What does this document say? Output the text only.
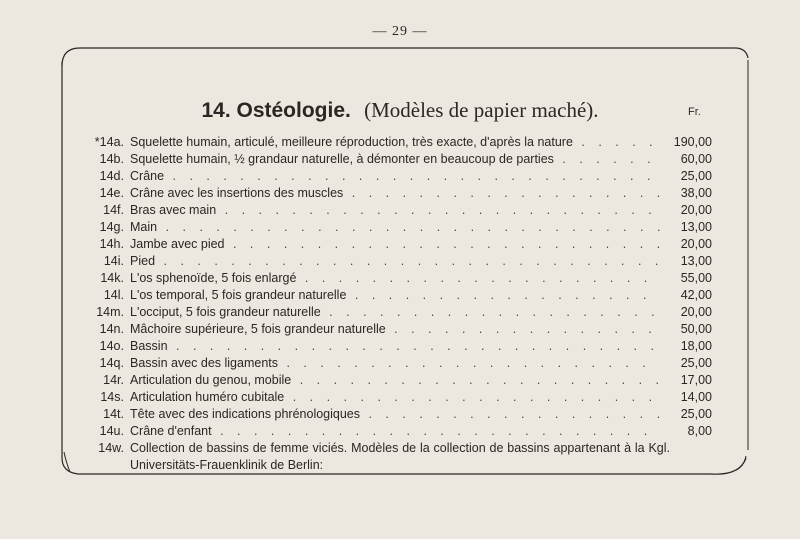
— 29 —
14. Ostéologie. (Modèles de papier maché).	Fr.
*14a. Squelette humain, articulé, meilleure réproduction, très exacte, d'après la nature . . .	190,00
14b. Squelette humain, ½ grandaur naturelle, à démonter en beaucoup de parties . . .	60,00
14d. Crâne . . .	25,00
14e. Crâne avec les insertions des muscles . . .	38,00
14f. Bras avec main . . .	20,00
14g. Main . . .	13,00
14h. Jambe avec pied . . .	20,00
14i. Pied . . .	13,00
14k. L'os sphenoïde, 5 fois enlargé . . .	55,00
14l. L'os temporal, 5 fois grandeur naturelle . . .	42,00
14m. L'occiput, 5 fois grandeur naturelle . . .	20,00
14n. Mâchoire supérieure, 5 fois grandeur naturelle . . .	50,00
14o. Bassin . . .	18,00
14q. Bassin avec des ligaments . . .	25,00
14r. Articulation du genou, mobile . . .	17,00
14s. Articulation huméro cubitale . . .	14,00
14t. Tête avec des indications phrénologiques . . .	25,00
14u. Crâne d'enfant . . .	8,00
14w. Collection de bassins de femme viciés. Modèles de la collection de bassins appartenant à la Kgl. Universitäts-Frauenklinik de Berlin:
